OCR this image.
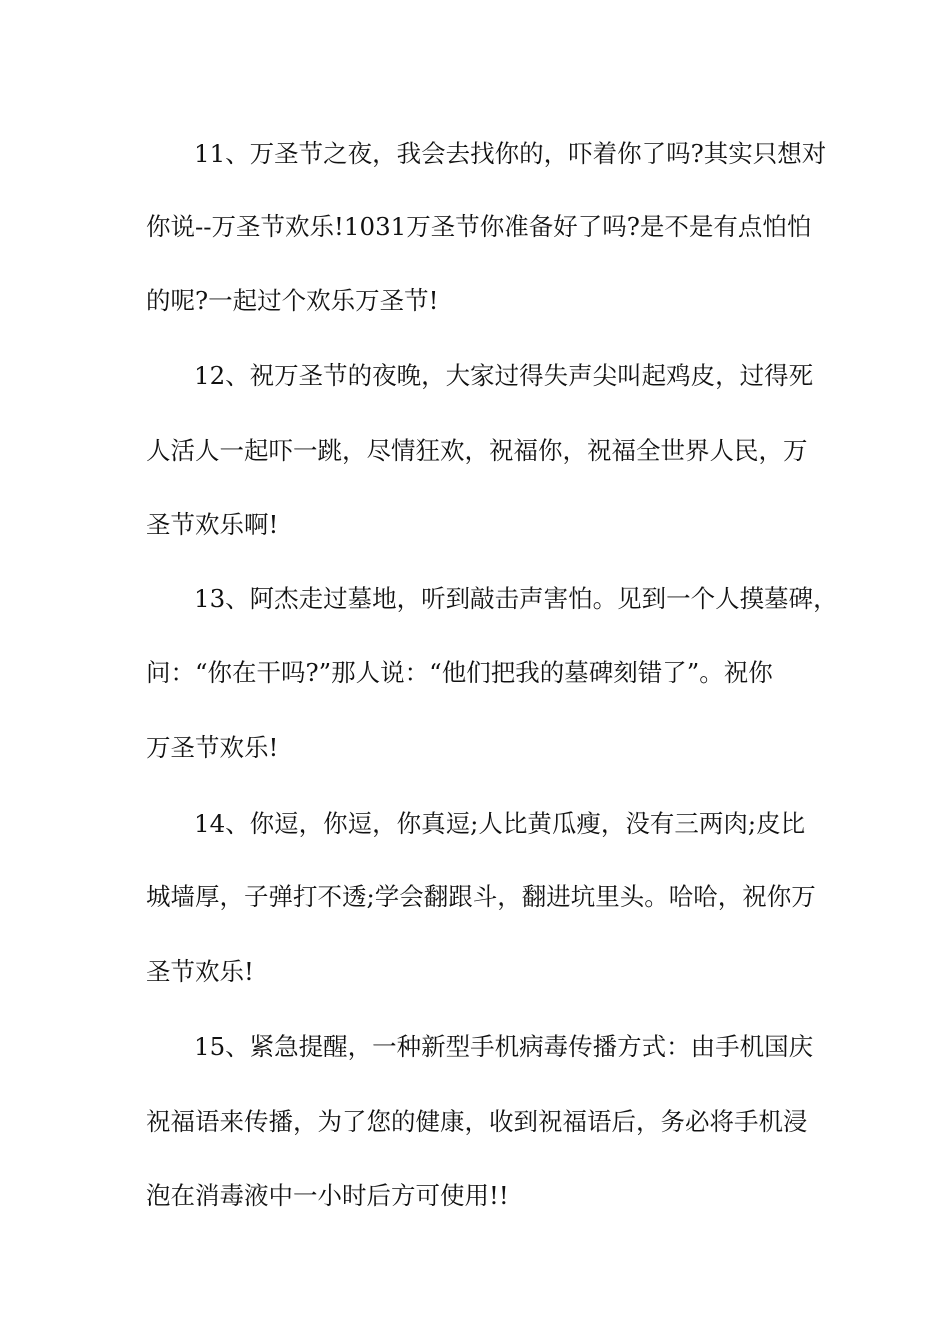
11、万圣节之夜，我会去找你的，吓着你了吗?其实只想对
你说--万圣节欢乐!1031万圣节你准备好了吗?是不是有点怕怕
的呢?一起过个欢乐万圣节!
12、祝万圣节的夜晚，大家过得失声尖叫起鸡皮，过得死
人活人一起吓一跳，尽情狂欢，祝福你，祝福全世界人民，万
圣节欢乐啊!
13、阿杰走过墓地，听到敲击声害怕。见到一个人摸墓碑，
问：“你在干吗?”那人说：“他们把我的墓碑刻错了”。祝你
万圣节欢乐!
14、你逗，你逗，你真逗;人比黄瓜瘦，没有三两肉;皮比
城墙厚，子弹打不透;学会翻跟斗，翻进坑里头。哈哈，祝你万
圣节欢乐!
15、紧急提醒，一种新型手机病毒传播方式：由手机国庆
祝福语来传播，为了您的健康，收到祝福语后，务必将手机浸
泡在消毒液中一小时后方可使用!!
